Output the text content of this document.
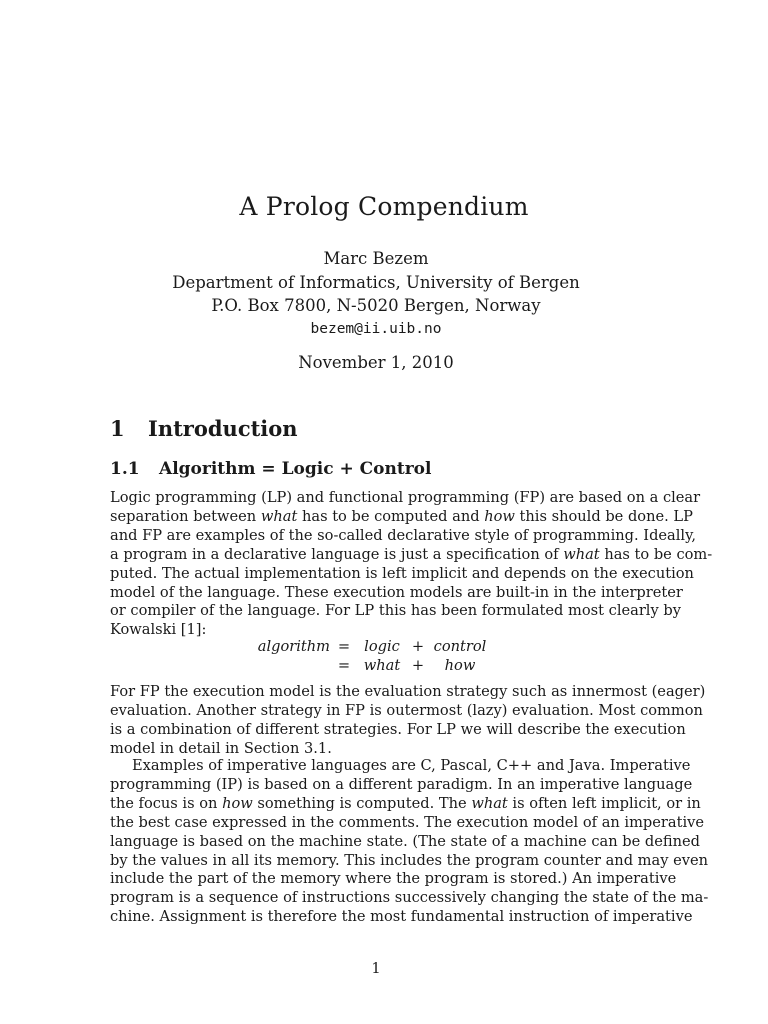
A Prolog Compendium
Marc Bezem
Department of Informatics, University of Bergen
P.O. Box 7800, N-5020 Bergen, Norway
bezem@ii.uib.no
November 1, 2010
1 Introduction
1.1 Algorithm = Logic + Control
Logic programming (LP) and functional programming (FP) are based on a clear
separation between what has to be computed and how this should be done. LP
and FP are examples of the so-called declarative style of programming. Ideally,
a program in a declarative language is just a specification of what has to be com-
puted. The actual implementation is left implicit and depends on the execution
model of the language. These execution models are built-in in the interpreter
or compiler of the language. For LP this has been formulated most clearly by
Kowalski [1]:
algorithm = logic + control
= what +	how
For FP the execution model is the evaluation strategy such as innermost (eager)
evaluation. Another strategy in FP is outermost (lazy) evaluation. Most common
is a combination of different strategies. For LP we will describe the execution
model in detail in Section 3.1.
Examples of imperative languages are C, Pascal, C++ and Java. Imperative
programming (IP) is based on a different paradigm. In an imperative language
the focus is on how something is computed. The what is often left implicit, or in
the best case expressed in the comments. The execution model of an imperative
language is based on the machine state. (The state of a machine can be defined
by the values in all its memory. This includes the program counter and may even
include the part of the memory where the program is stored.) An imperative
program is a sequence of instructions successively changing the state of the ma-
chine. Assignment is therefore the most fundamental instruction of imperative
1
